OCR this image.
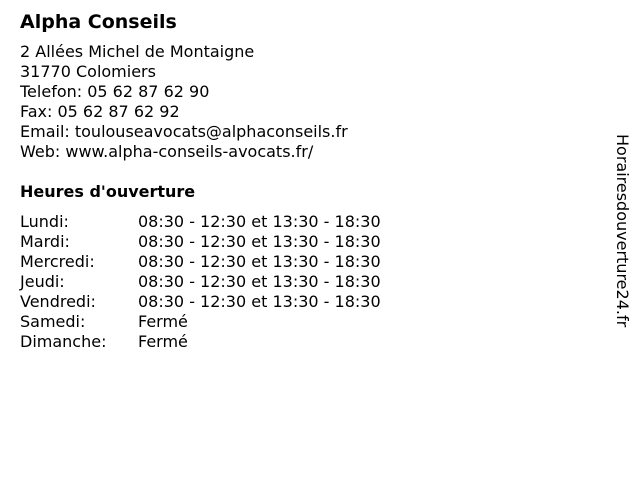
Alpha Conseils
2 Allées Michel de Montaigne
31770 Colomiers
Telefon: 05 62 87 62 90
Fax: 05 62 87 62 92
Email: toulouseavocats@alphaconseils.fr
Web: www.alpha-conseils-avocats.fr/
Heures d'ouverture
Lundi:	08:30 - 12:30 et 13:30 - 18:30
Mardi:	08:30 - 12:30 et 13:30 - 18:30
Mercredi:	08:30 - 12:30 et 13:30 - 18:30
Jeudi:	08:30 - 12:30 et 13:30 - 18:30
Vendredi:	08:30 - 12:30 et 13:30 - 18:30
Samedi:	Fermé
Dimanche:	Fermé
Horairesdouverture24.fr
